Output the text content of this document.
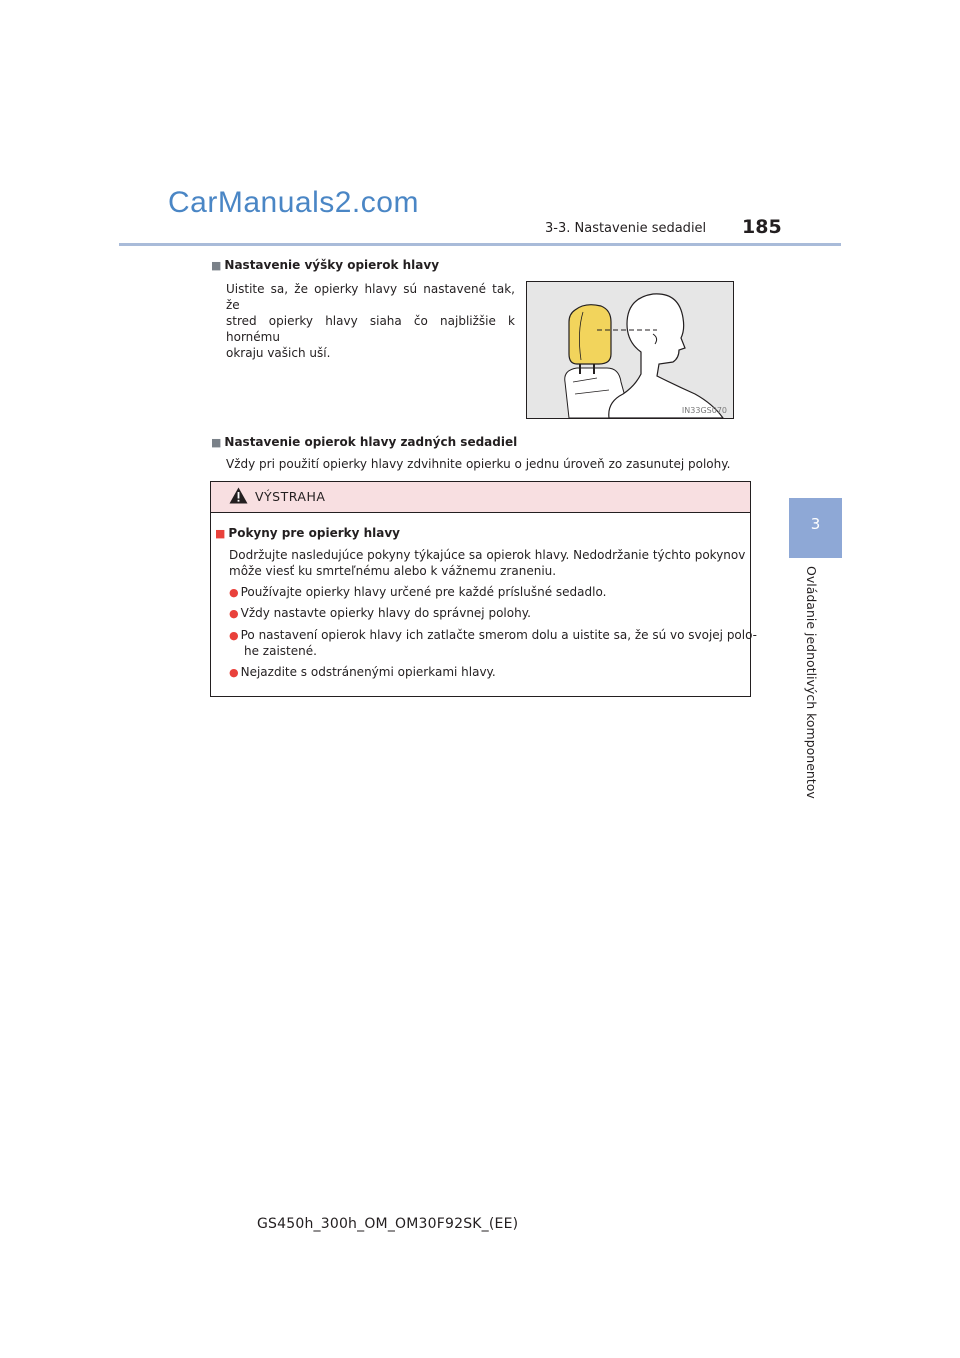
CarManuals2.com
3-3. Nastavenie sedadiel 185
3
Ovládanie jednotlivých komponentov
■ Nastavenie výšky opierok hlavy
Uistite sa, že opierky hlavy sú nastavené tak, že
stred opierky hlavy siaha čo najbližšie k hornému
okraju vašich uší.
IN33GS070
■ Nastavenie opierok hlavy zadných sedadiel
Vždy pri použití opierky hlavy zdvihnite opierku o jednu úroveň zo zasunutej polohy.
VÝSTRAHA
■ Pokyny pre opierky hlavy
Dodržujte nasledujúce pokyny týkajúce sa opierok hlavy. Nedodržanie týchto pokynov
môže viesť ku smrteľnému alebo k vážnemu zraneniu.
● Používajte opierky hlavy určené pre každé príslušné sedadlo.
● Vždy nastavte opierky hlavy do správnej polohy.
● Po nastavení opierok hlavy ich zatlačte smerom dolu a uistite sa, že sú vo svojej polo-
he zaistené.
● Nejazdite s odstránenými opierkami hlavy.
GS450h_300h_OM_OM30F92SK_(EE)
